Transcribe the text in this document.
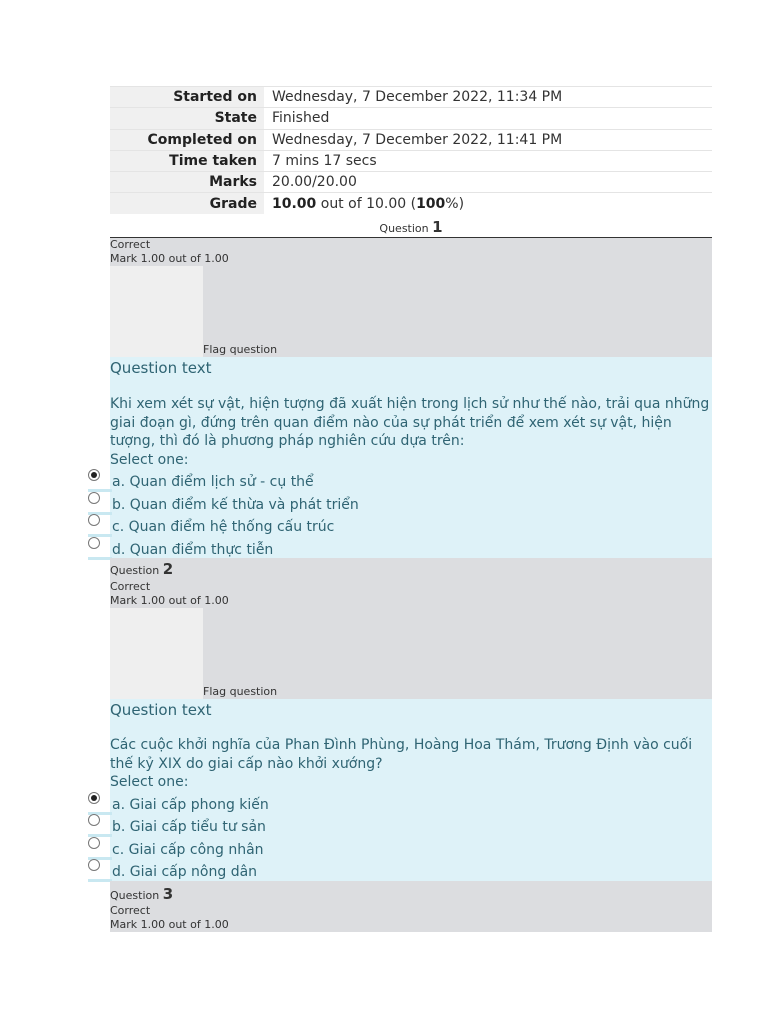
Started on	Wednesday, 7 December 2022, 11:34 PM
State	Finished
Completed on	Wednesday, 7 December 2022, 11:41 PM
Time taken	7 mins 17 secs
Marks	20.00/20.00
Grade	10.00 out of 10.00 (100%)
Question 1
Correct
Mark 1.00 out of 1.00
Flag question
Question text
Khi xem xét sự vật, hiện tượng đã xuất hiện trong lịch sử như thế nào, trải qua những giai đoạn gì, đứng trên quan điểm nào của sự phát triển để xem xét sự vật, hiện tượng, thì đó là phương pháp nghiên cứu dựa trên:
Select one:
a. Quan điểm lịch sử - cụ thể
b. Quan điểm kế thừa và phát triển
c. Quan điểm hệ thống cấu trúc
d. Quan điểm thực tiễn
Question 2
Correct
Mark 1.00 out of 1.00
Flag question
Question text
Các cuộc khởi nghĩa của Phan Đình Phùng, Hoàng Hoa Thám, Trương Định vào cuối thế kỷ XIX do giai cấp nào khởi xướng?
Select one:
a. Giai cấp phong kiến
b. Giai cấp tiểu tư sản
c. Giai cấp công nhân
d. Giai cấp nông dân
Question 3
Correct
Mark 1.00 out of 1.00
